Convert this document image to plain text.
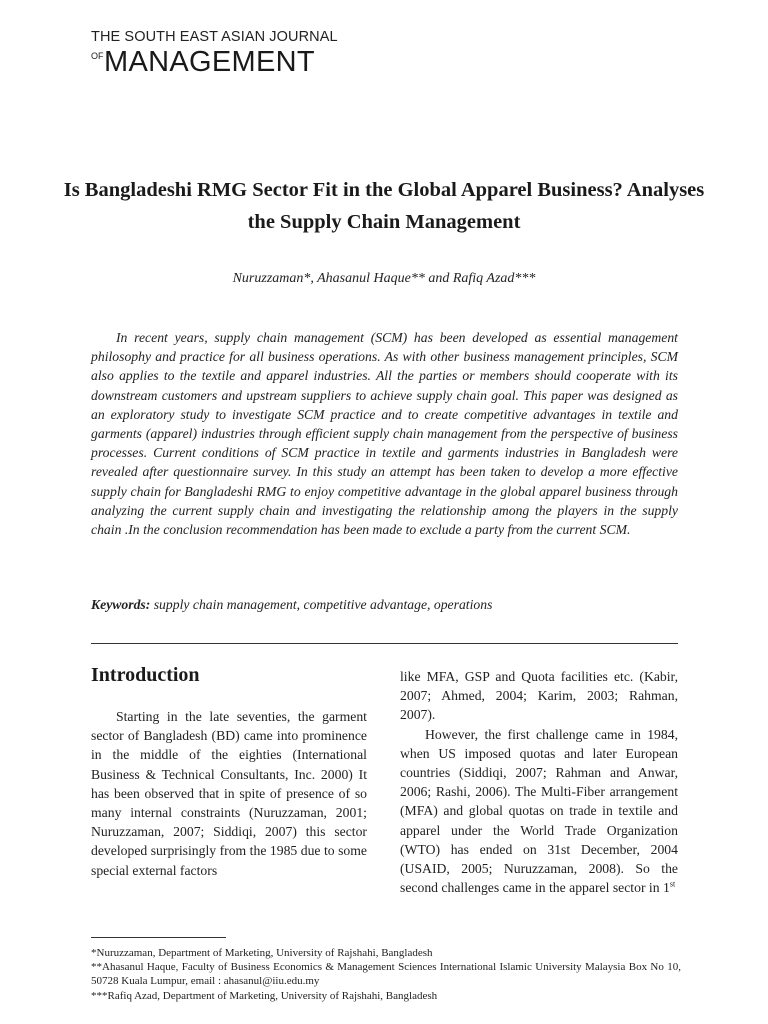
THE SOUTH EAST ASIAN JOURNAL
OF MANAGEMENT
Is Bangladeshi RMG Sector Fit in the Global Apparel Business? Analyses the Supply Chain Management

Nuruzzaman*, Ahasanul Haque** and Rafiq Azad***

In recent years, supply chain management (SCM) has been developed as essential management philosophy and practice for all business operations. As with other business management principles, SCM also applies to the textile and apparel industries. All the parties or members should cooperate with its downstream customers and upstream suppliers to achieve supply chain goal. This paper was designed as an exploratory study to investigate SCM practice and to create competitive advantages in textile and garments (apparel) industries through efficient supply chain management from the perspective of business processes. Current conditions of SCM practice in textile and garments industries in Bangladesh were revealed after questionnaire survey. In this study an attempt has been taken to develop a more effective supply chain for Bangladeshi RMG to enjoy competitive advantage in the global apparel business through analyzing the current supply chain and investigating the relationship among the players in the supply chain .In the conclusion recommendation has been made to exclude a party from the current SCM.

Keywords: supply chain management, competitive advantage, operations

Introduction

Starting in the late seventies, the garment sector of Bangladesh (BD) came into prominence in the middle of the eighties (International Business & Technical Consultants, Inc. 2000) It has been observed that in spite of presence of so many internal constraints (Nuruzzaman, 2001; Nuruzzaman, 2007; Siddiqi, 2007) this sector developed surprisingly from the 1985 due to some special external factors

like MFA, GSP and Quota facilities etc. (Kabir, 2007; Ahmed, 2004; Karim, 2003; Rahman, 2007).

However, the first challenge came in 1984, when US imposed quotas and later European countries (Siddiqi, 2007; Rahman and Anwar, 2006; Rashi, 2006). The Multi-Fiber arrangement (MFA) and global quotas on trade in textile and apparel under the World Trade Organization (WTO) has ended on 31st December, 2004 (USAID, 2005; Nuruzzaman, 2008). So the second challenges came in the apparel sector in 1st

*Nuruzzaman, Department of Marketing, University of Rajshahi, Bangladesh

**Ahasanul Haque, Faculty of Business Economics & Management Sciences International Islamic University Malaysia Box No 10, 50728 Kuala Lumpur, email : ahasanul@iiu.edu.my

***Rafiq Azad, Department of Marketing, University of Rajshahi, Bangladesh
